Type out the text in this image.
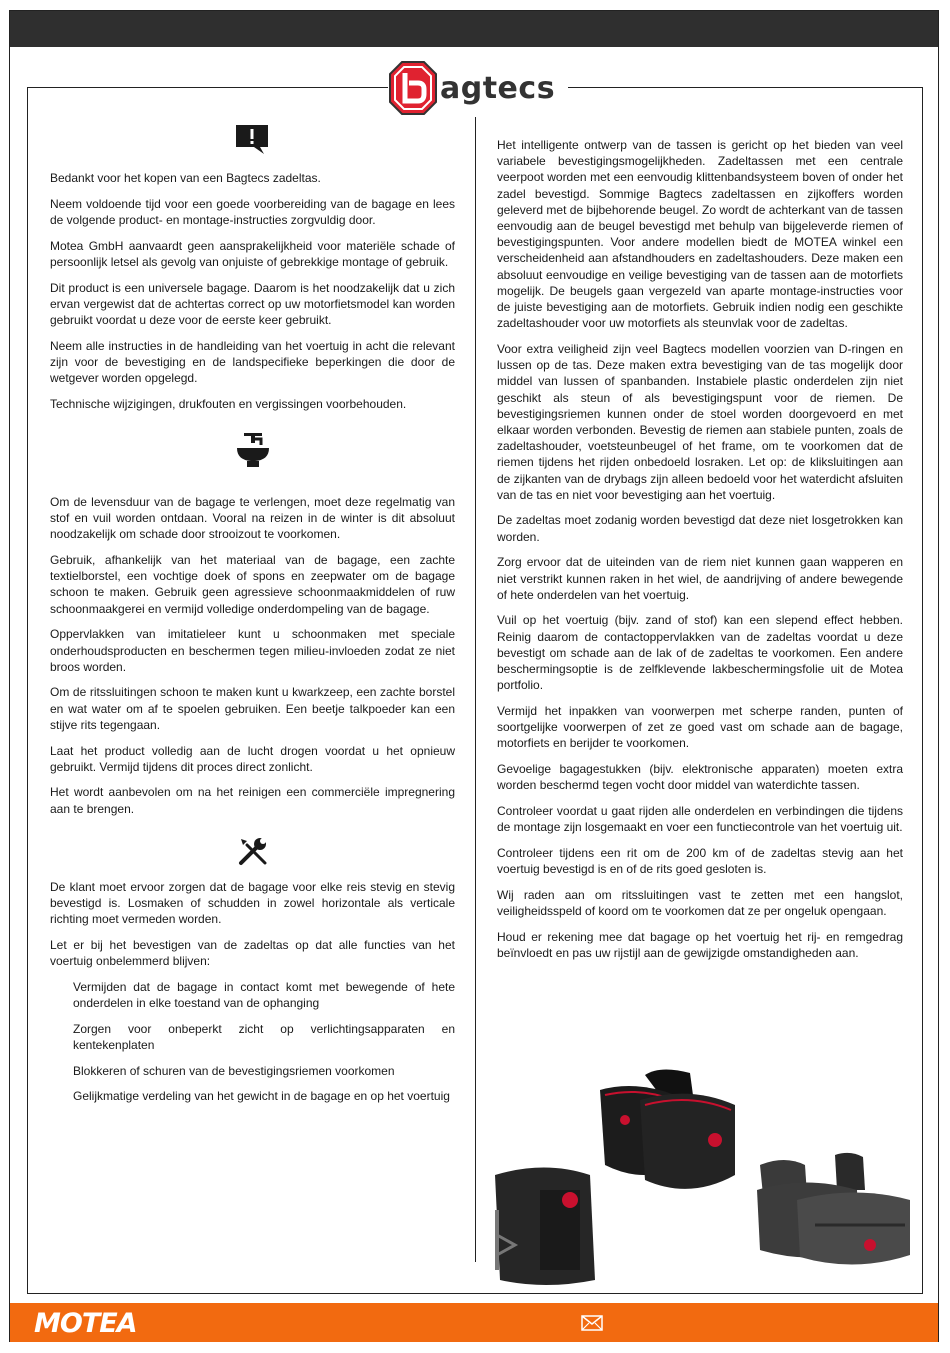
agtecs

Bedankt voor het kopen van een Bagtecs zadeltas.

Neem voldoende tijd voor een goede voorbereiding van de bagage en lees de volgende product- en montage-instructies zorgvuldig door.

Motea GmbH aanvaardt geen aansprakelijkheid voor materiële schade of persoonlijk letsel als gevolg van onjuiste of gebrekkige montage of gebruik.

Dit product is een universele bagage. Daarom is het noodzakelijk dat u zich ervan vergewist dat de achtertas correct op uw motorfietsmodel kan worden gebruikt voordat u deze voor de eerste keer gebruikt.

Neem alle instructies in de handleiding van het voertuig in acht die relevant zijn voor de bevestiging en de landspecifieke beperkingen die door de wetgever worden opgelegd.

Technische wijzigingen, drukfouten en vergissingen voorbehouden.

Om de levensduur van de bagage te verlengen, moet deze regelmatig van stof en vuil worden ontdaan. Vooral na reizen in de winter is dit absoluut noodzakelijk om schade door strooizout te voorkomen.

Gebruik, afhankelijk van het materiaal van de bagage, een zachte textielborstel, een vochtige doek of spons en zeepwater om de bagage schoon te maken. Gebruik geen agressieve schoonmaakmiddelen of ruw schoonmaakgerei en vermijd volledige onderdompeling van de bagage.

Oppervlakken van imitatieleer kunt u schoonmaken met speciale onderhoudsproducten en beschermen tegen milieu-invloeden zodat ze niet broos worden.

Om de ritssluitingen schoon te maken kunt u kwarkzeep, een zachte borstel en wat water om af te spoelen gebruiken. Een beetje talkpoeder kan een stijve rits tegengaan.

Laat het product volledig aan de lucht drogen voordat u het opnieuw gebruikt. Vermijd tijdens dit proces direct zonlicht.

Het wordt aanbevolen om na het reinigen een commerciële impregnering aan te brengen.

De klant moet ervoor zorgen dat de bagage voor elke reis stevig en stevig bevestigd is. Losmaken of schudden in zowel horizontale als verticale richting moet vermeden worden.

Let er bij het bevestigen van de zadeltas op dat alle functies van het voertuig onbelemmerd blijven:

Vermijden dat de bagage in contact komt met bewegende of hete onderdelen in elke toestand van de ophanging

Zorgen voor onbeperkt zicht op verlichtingsapparaten en kentekenplaten

Blokkeren of schuren van de bevestigingsriemen voorkomen

Gelijkmatige verdeling van het gewicht in de bagage en op het voertuig

Het intelligente ontwerp van de tassen is gericht op het bieden van veel variabele bevestigingsmogelijkheden. Zadeltassen met een centrale veerpoot worden met een eenvoudig klittenbandsysteem boven of onder het zadel bevestigd. Sommige Bagtecs zadeltassen en zijkoffers worden geleverd met de bijbehorende beugel. Zo wordt de achterkant van de tassen eenvoudig aan de beugel bevestigd met behulp van bijgeleverde riemen of bevestigingspunten. Voor andere modellen biedt de MOTEA winkel een verscheidenheid aan afstandhouders en zadeltashouders. Deze maken een absoluut eenvoudige en veilige bevestiging van de tassen aan de motorfiets mogelijk. De beugels gaan vergezeld van aparte montage-instructies voor de juiste bevestiging aan de motorfiets. Gebruik indien nodig een geschikte zadeltashouder voor uw motorfiets als steunvlak voor de zadeltas.

Voor extra veiligheid zijn veel Bagtecs modellen voorzien van D-ringen en lussen op de tas. Deze maken extra bevestiging van de tas mogelijk door middel van lussen of spanbanden. Instabiele plastic onderdelen zijn niet geschikt als steun of als bevestigingspunt voor de riemen. De bevestigingsriemen kunnen onder de stoel worden doorgevoerd en met elkaar worden verbonden. Bevestig de riemen aan stabiele punten, zoals de zadeltashouder, voetsteunbeugel of het frame, om te voorkomen dat de riemen tijdens het rijden onbedoeld losraken. Let op: de kliksluitingen aan de zijkanten van de drybags zijn alleen bedoeld voor het waterdicht afsluiten van de tas en niet voor bevestiging aan het voertuig.

De zadeltas moet zodanig worden bevestigd dat deze niet losgetrokken kan worden.

Zorg ervoor dat de uiteinden van de riem niet kunnen gaan wapperen en niet verstrikt kunnen raken in het wiel, de aandrijving of andere bewegende of hete onderdelen van het voertuig.

Vuil op het voertuig (bijv. zand of stof) kan een slepend effect hebben. Reinig daarom de contactoppervlakken van de zadeltas voordat u deze bevestigt om schade aan de lak of de zadeltas te voorkomen. Een andere beschermingsoptie is de zelfklevende lakbeschermingsfolie uit de Motea portfolio.

Vermijd het inpakken van voorwerpen met scherpe randen, punten of soortgelijke voorwerpen of zet ze goed vast om schade aan de bagage, motorfiets en berijder te voorkomen.

Gevoelige bagagestukken (bijv. elektronische apparaten) moeten extra worden beschermd tegen vocht door middel van waterdichte tassen.

Controleer voordat u gaat rijden alle onderdelen en verbindingen die tijdens de montage zijn losgemaakt en voer een functiecontrole van het voertuig uit.

Controleer tijdens een rit om de 200 km of de zadeltas stevig aan het voertuig bevestigd is en of de rits goed gesloten is.

Wij raden aan om ritssluitingen vast te zetten met een hangslot, veiligheidsspeld of koord om te voorkomen dat ze per ongeluk opengaan.

Houd er rekening mee dat bagage op het voertuig het rij- en remgedrag beïnvloedt en pas uw rijstijl aan de gewijzigde omstandigheden aan.

MOTEA
